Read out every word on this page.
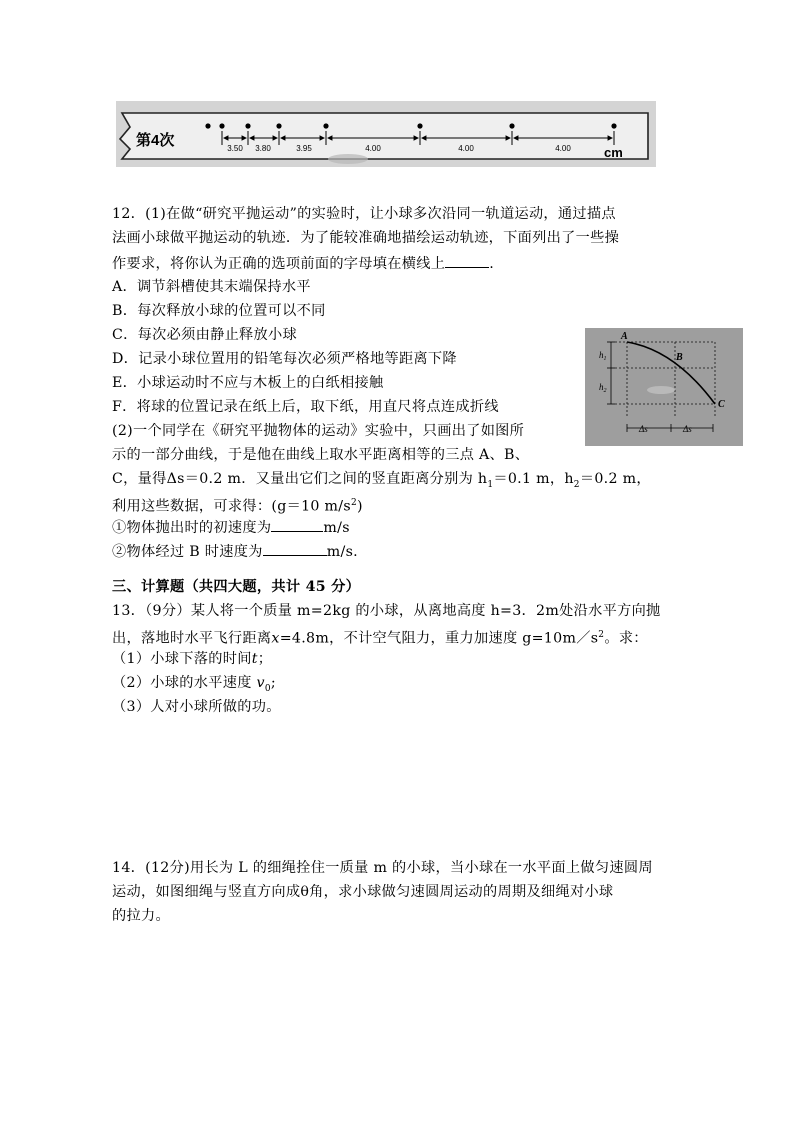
第4次	3.50 3.80	3.95	4.00	4.00	4.00	cm
12．(1)在做“研究平抛运动”的实验时，让小球多次沿同一轨道运动，通过描点
法画小球做平抛运动的轨迹．为了能较准确地描绘运动轨迹，下面列出了一些操
作要求，将你认为正确的选项前面的字母填在横线上	.
A．调节斜槽使其末端保持水平
B．每次释放小球的位置可以不同
C．每次必须由静止释放小球
D．记录小球位置用的铅笔每次必须严格地等距离下降
E．小球运动时不应与木板上的白纸相接触
F．将球的位置记录在纸上后，取下纸，用直尺将点连成折线
(2)一个同学在《研究平抛物体的运动》实验中，只画出了如图所
示的一部分曲线，于是他在曲线上取水平距离相等的三点 A、B、
C，量得Δs＝0.2 m．又量出它们之间的竖直距离分别为 $h_1=0.1$ m，$h_2=0.2$ m，
利用这些数据，可求得：(g＝10 $m/s^2$)
①物体抛出时的初速度为	m/s
②物体经过 B 时速度为	m/s.
A
B
C
$h_1$
$h_2$
Δs	Δs
三、计算题（共四大题，共计 45 分）
13．（9分）某人将一个质量 m=2kg 的小球，从离地高度 h=3．2m处沿水平方向抛
出，落地时水平飞行距离x=4.8m，不计空气阻力，重力加速度 $g=10m/s^2$。求：
（1）小球下落的时间t；
（2）小球的水平速度 $v_0$;
（3）人对小球所做的功。
14．(12分)用长为 L 的细绳拴住一质量 m 的小球，当小球在一水平面上做匀速圆周
运动，如图细绳与竖直方向成θ角，求小球做匀速圆周运动的周期及细绳对小球
的拉力。
